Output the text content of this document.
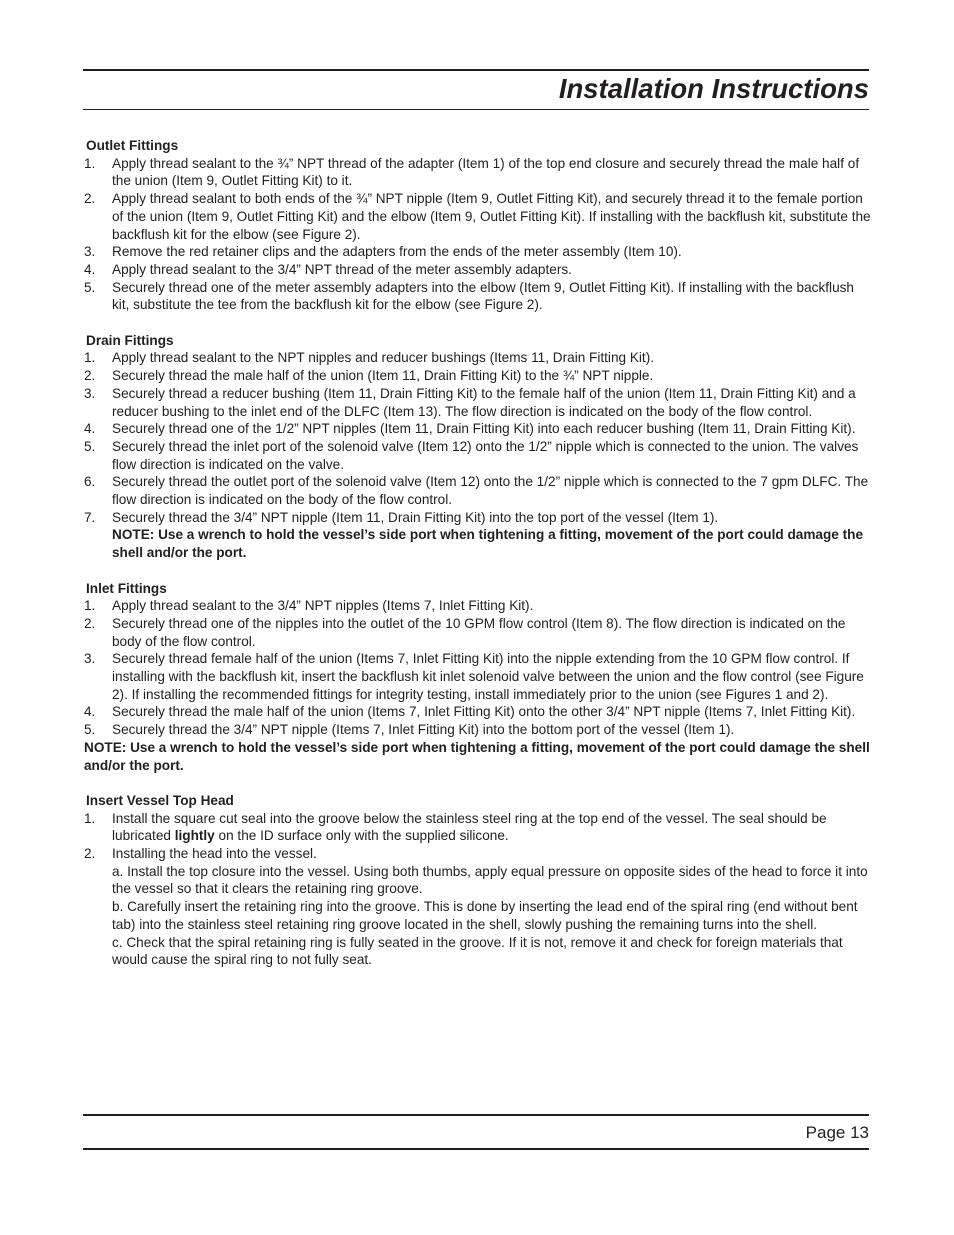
Installation Instructions
Outlet Fittings
1.	Apply thread sealant to the ¾” NPT thread of the adapter (Item 1) of the top end closure and securely thread the male half of the union (Item 9, Outlet Fitting Kit) to it.
2.	Apply thread sealant to both ends of the ¾” NPT nipple (Item 9, Outlet Fitting Kit), and securely thread it to the female portion of the union (Item 9, Outlet Fitting Kit) and the elbow (Item 9, Outlet Fitting Kit). If installing with the backflush kit, substitute the backflush kit for the elbow (see Figure 2).
3.	Remove the red retainer clips and the adapters from the ends of the meter assembly (Item 10).
4.	Apply thread sealant to the 3/4” NPT thread of the meter assembly adapters.
5.	Securely thread one of the meter assembly adapters into the elbow (Item 9, Outlet Fitting Kit). If installing with the backflush kit, substitute the tee from the backflush kit for the elbow (see Figure 2).
Drain Fittings
1.	Apply thread sealant to the NPT nipples and reducer bushings (Items 11, Drain Fitting Kit).
2.	Securely thread the male half of the union (Item 11, Drain Fitting Kit) to the ¾” NPT nipple.
3.	Securely thread a reducer bushing (Item 11, Drain Fitting Kit) to the female half of the union (Item 11, Drain Fitting Kit) and a reducer bushing to the inlet end of the DLFC (Item 13). The flow direction is indicated on the body of the flow control.
4.	Securely thread one of the 1/2” NPT nipples (Item 11, Drain Fitting Kit) into each reducer bushing (Item 11, Drain Fitting Kit).
5.	Securely thread the inlet port of the solenoid valve (Item 12) onto the 1/2” nipple which is connected to the union. The valves flow direction is indicated on the valve.
6.	Securely thread the outlet port of the solenoid valve (Item 12) onto the 1/2” nipple which is connected to the 7 gpm DLFC. The flow direction is indicated on the body of the flow control.
7.	Securely thread the 3/4” NPT nipple (Item 11, Drain Fitting Kit) into the top port of the vessel (Item 1).
NOTE: Use a wrench to hold the vessel’s side port when tightening a fitting, movement of the port could damage the shell and/or the port.
Inlet Fittings
1.	Apply thread sealant to the 3/4” NPT nipples (Items 7, Inlet Fitting Kit).
2.	Securely thread one of the nipples into the outlet of the 10 GPM flow control (Item 8). The flow direction is indicated on the body of the flow control.
3.	Securely thread female half of the union (Items 7, Inlet Fitting Kit) into the nipple extending from the 10 GPM flow control. If installing with the backflush kit, insert the backflush kit inlet solenoid valve between the union and the flow control (see Figure 2). If installing the recommended fittings for integrity testing, install immediately prior to the union (see Figures 1 and 2).
4.	Securely thread the male half of the union (Items 7, Inlet Fitting Kit) onto the other 3/4” NPT nipple (Items 7, Inlet Fitting Kit).
5.	Securely thread the 3/4” NPT nipple (Items 7, Inlet Fitting Kit) into the bottom port of the vessel (Item 1).
NOTE: Use a wrench to hold the vessel’s side port when tightening a fitting, movement of the port could damage the shell and/or the port.
Insert Vessel Top Head
1.	Install the square cut seal into the groove below the stainless steel ring at the top end of the vessel. The seal should be lubricated lightly on the ID surface only with the supplied silicone.
2.	Installing the head into the vessel.
a. Install the top closure into the vessel. Using both thumbs, apply equal pressure on opposite sides of the head to force it into the vessel so that it clears the retaining ring groove.
b. Carefully insert the retaining ring into the groove. This is done by inserting the lead end of the spiral ring (end without bent tab) into the stainless steel retaining ring groove located in the shell, slowly pushing the remaining turns into the shell.
c. Check that the spiral retaining ring is fully seated in the groove. If it is not, remove it and check for foreign materials that would cause the spiral ring to not fully seat.
Page 13
